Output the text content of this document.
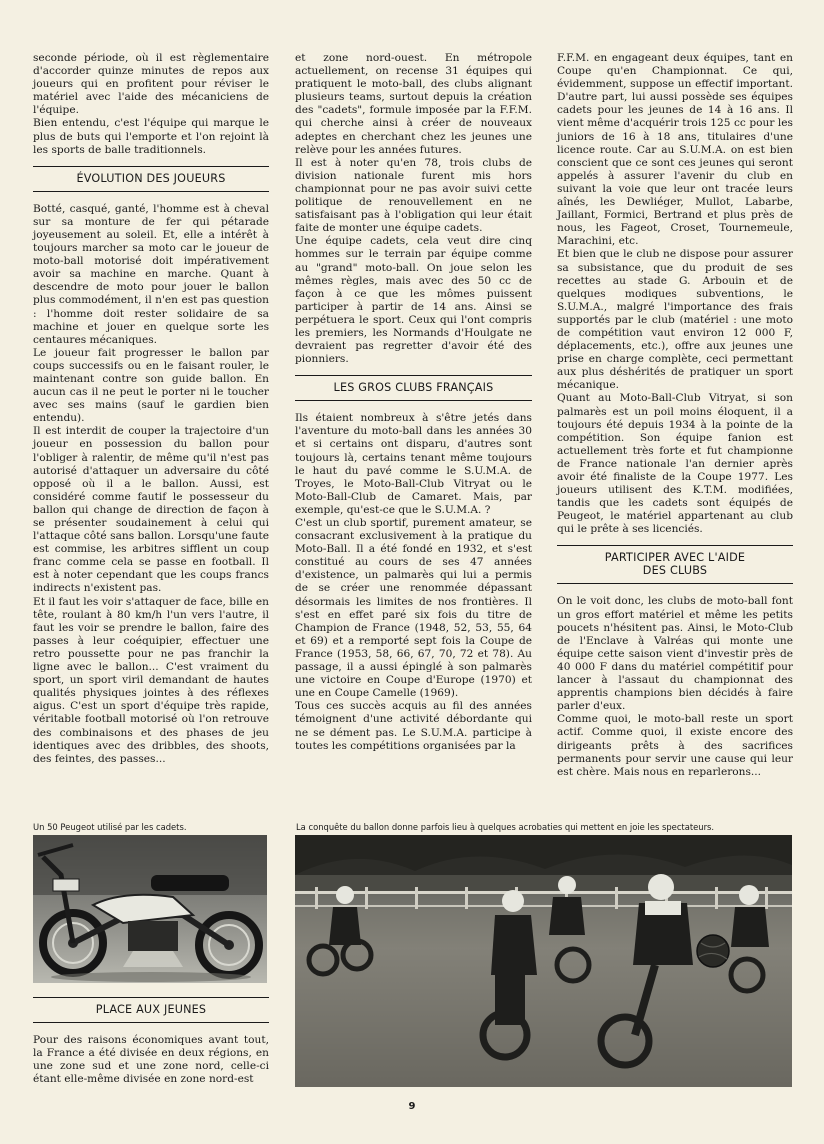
seconde période, où il est règlementaire d'accorder quinze minutes de repos aux joueurs qui en profitent pour réviser le matériel avec l'aide des mécaniciens de l'équipe.

Bien entendu, c'est l'équipe qui marque le plus de buts qui l'emporte et l'on rejoint là les sports de balle traditionnels.

ÉVOLUTION DES JOUEURS

Botté, casqué, ganté, l'homme est à cheval sur sa monture de fer qui pétarade joyeusement au soleil. Et, elle a intérêt à toujours marcher sa moto car le joueur de moto-ball motorisé doit impérativement avoir sa machine en marche. Quant à descendre de moto pour jouer le ballon plus commodément, il n'en est pas question : l'homme doit rester solidaire de sa machine et jouer en quelque sorte les centaures mécaniques.

Le joueur fait progresser le ballon par coups successifs ou en le faisant rouler, le maintenant contre son guide ballon. En aucun cas il ne peut le porter ni le toucher avec ses mains (sauf le gardien bien entendu).

Il est interdit de couper la trajectoire d'un joueur en possession du ballon pour l'obliger à ralentir, de même qu'il n'est pas autorisé d'attaquer un adversaire du côté opposé où il a le ballon. Aussi, est considéré comme fautif le possesseur du ballon qui change de direction de façon à se présenter soudainement à celui qui l'attaque côté sans ballon. Lorsqu'une faute est commise, les arbitres sifflent un coup franc comme cela se passe en football. Il est à noter cependant que les coups francs indirects n'existent pas.

Et il faut les voir s'attaquer de face, bille en tête, roulant à 80 km/h l'un vers l'autre, il faut les voir se prendre le ballon, faire des passes à leur coéquipier, effectuer une retro poussette pour ne pas franchir la ligne avec le ballon... C'est vraiment du sport, un sport viril demandant de hautes qualités physiques jointes à des réflexes aigus. C'est un sport d'équipe très rapide, véritable football motorisé où l'on retrouve des combinaisons et des phases de jeu identiques avec des dribbles, des shoots, des feintes, des passes...

et zone nord-ouest. En métropole actuellement, on recense 31 équipes qui pratiquent le moto-ball, des clubs alignant plusieurs teams, surtout depuis la création des "cadets", formule imposée par la F.F.M. qui cherche ainsi à créer de nouveaux adeptes en cherchant chez les jeunes une relève pour les années futures.

Il est à noter qu'en 78, trois clubs de division nationale furent mis hors championnat pour ne pas avoir suivi cette politique de renouvellement en ne satisfaisant pas à l'obligation qui leur était faite de monter une équipe cadets.

Une équipe cadets, cela veut dire cinq hommes sur le terrain par équipe comme au "grand" moto-ball. On joue selon les mêmes règles, mais avec des 50 cc de façon à ce que les mômes puissent participer à partir de 14 ans. Ainsi se perpétuera le sport. Ceux qui l'ont compris les premiers, les Normands d'Houlgate ne devraient pas regretter d'avoir été des pionniers.

LES GROS CLUBS FRANÇAIS

Ils étaient nombreux à s'être jetés dans l'aventure du moto-ball dans les années 30 et si certains ont disparu, d'autres sont toujours là, certains tenant même toujours le haut du pavé comme le S.U.M.A. de Troyes, le Moto-Ball-Club Vitryat ou le Moto-Ball-Club de Camaret. Mais, par exemple, qu'est-ce que le S.U.M.A. ?

C'est un club sportif, purement amateur, se consacrant exclusivement à la pratique du Moto-Ball. Il a été fondé en 1932, et s'est constitué au cours de ses 47 années d'existence, un palmarès qui lui a permis de se créer une renommée dépassant désormais les limites de nos frontières. Il s'est en effet paré six fois du titre de Champion de France (1948, 52, 53, 55, 64 et 69) et a remporté sept fois la Coupe de France (1953, 58, 66, 67, 70, 72 et 78). Au passage, il a aussi épinglé à son palmarès une victoire en Coupe d'Europe (1970) et une en Coupe Camelle (1969).

Tous ces succès acquis au fil des années témoignent d'une activité débordante qui ne se dément pas. Le S.U.M.A. participe à toutes les compétitions organisées par la

F.F.M. en engageant deux équipes, tant en Coupe qu'en Championnat. Ce qui, évidemment, suppose un effectif important. D'autre part, lui aussi possède ses équipes cadets pour les jeunes de 14 à 16 ans. Il vient même d'acquérir trois 125 cc pour les juniors de 16 à 18 ans, titulaires d'une licence route. Car au S.U.M.A. on est bien conscient que ce sont ces jeunes qui seront appelés à assurer l'avenir du club en suivant la voie que leur ont tracée leurs aînés, les Dewliéger, Mullot, Labarbe, Jaillant, Formici, Bertrand et plus près de nous, les Fageot, Croset, Tournemeule, Marachini, etc.

Et bien que le club ne dispose pour assurer sa subsistance, que du produit de ses recettes au stade G. Arbouin et de quelques modiques subventions, le S.U.M.A., malgré l'importance des frais supportés par le club (matériel : une moto de compétition vaut environ 12 000 F, déplacements, etc.), offre aux jeunes une prise en charge complète, ceci permettant aux plus déshérités de pratiquer un sport mécanique.

Quant au Moto-Ball-Club Vitryat, si son palmarès est un poil moins éloquent, il a toujours été depuis 1934 à la pointe de la compétition. Son équipe fanion est actuellement très forte et fut championne de France nationale l'an dernier après avoir été finaliste de la Coupe 1977. Les joueurs utilisent des K.T.M. modifiées, tandis que les cadets sont équipés de Peugeot, le matériel appartenant au club qui le prête à ses licenciés.

PARTICIPER AVEC L'AIDE
DES CLUBS

On le voit donc, les clubs de moto-ball font un gros effort matériel et même les petits poucets n'hésitent pas. Ainsi, le Moto-Club de l'Enclave à Valréas qui monte une équipe cette saison vient d'investir près de 40 000 F dans du matériel compétitif pour lancer à l'assaut du championnat des apprentis champions bien décidés à faire parler d'eux.

Comme quoi, le moto-ball reste un sport actif. Comme quoi, il existe encore des dirigeants prêts à des sacrifices permanents pour servir une cause qui leur est chère. Mais nous en reparlerons...

Un 50 Peugeot utilisé par les cadets.	La conquête du ballon donne parfois lieu à quelques acrobaties qui mettent en joie les spectateurs.
PLACE AUX JEUNES

Pour des raisons économiques avant tout, la France a été divisée en deux régions, en une zone sud et une zone nord, celle-ci étant elle-même divisée en zone nord-est

9
